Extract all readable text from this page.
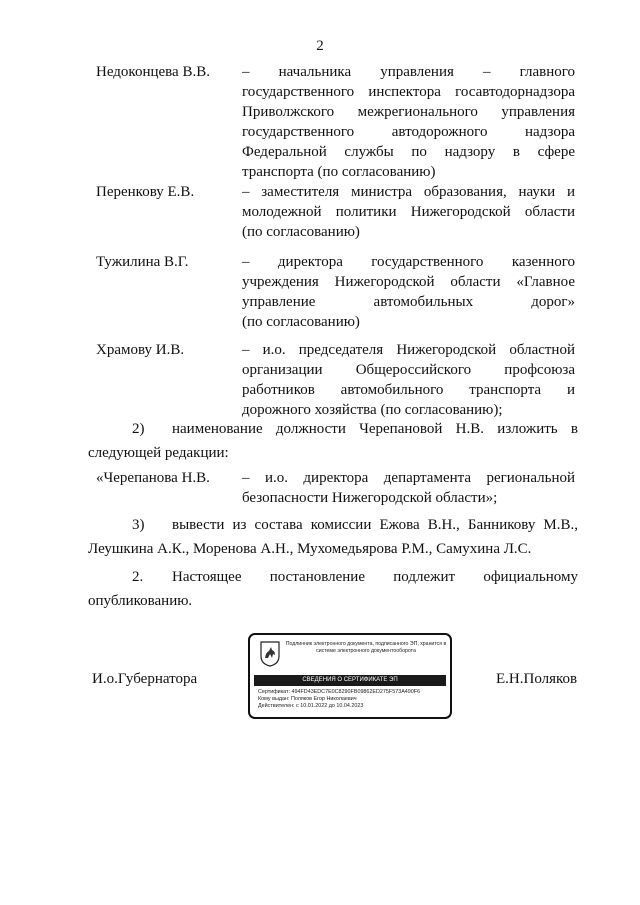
2
Недоконцева В.В. – начальника управления – главного
государственного инспектора госавтодорнадзора
Приволжского межрегионального управления
государственного автодорожного надзора
Федеральной службы по надзору в сфере
транспорта (по согласованию)
Перенкову Е.В.	– заместителя министра образования, науки и
молодежной политики Нижегородской области
(по согласованию)
Тужилина В.Г.	– директора государственного казенного
учреждения Нижегородской области «Главное
управление автомобильных дорог»
(по согласованию)
Храмову И.В.	– и.о. председателя Нижегородской областной
организации Общероссийского профсоюза
работников автомобильного транспорта и
дорожного хозяйства (по согласованию);
2) наименование должности Черепановой Н.В. изложить в
следующей редакции:
«Черепанова Н.В. – и.о. директора департамента региональной
безопасности Нижегородской области»;
3) вывести из состава комиссии Ежова В.Н., Банникову М.В.,
Леушкина А.К., Моренова А.Н., Мухомедьярова Р.М., Самухина Л.С.
2. Настоящее постановление подлежит официальному
опубликованию.
И.о.Губернатора	Е.Н.Поляков
Подлинник электронного документа, подписанного ЭП, хранится в системе электронного документооборота
СВЕДЕНИЯ О СЕРТИФИКАТЕ ЭП
Сертификат: 494FD43EDC7E0C8290FB09862ED275F573A490F6
Кому выдан: Поляков Егор Николаевич
Действителен: с 10.01.2022 до 10.04.2023
